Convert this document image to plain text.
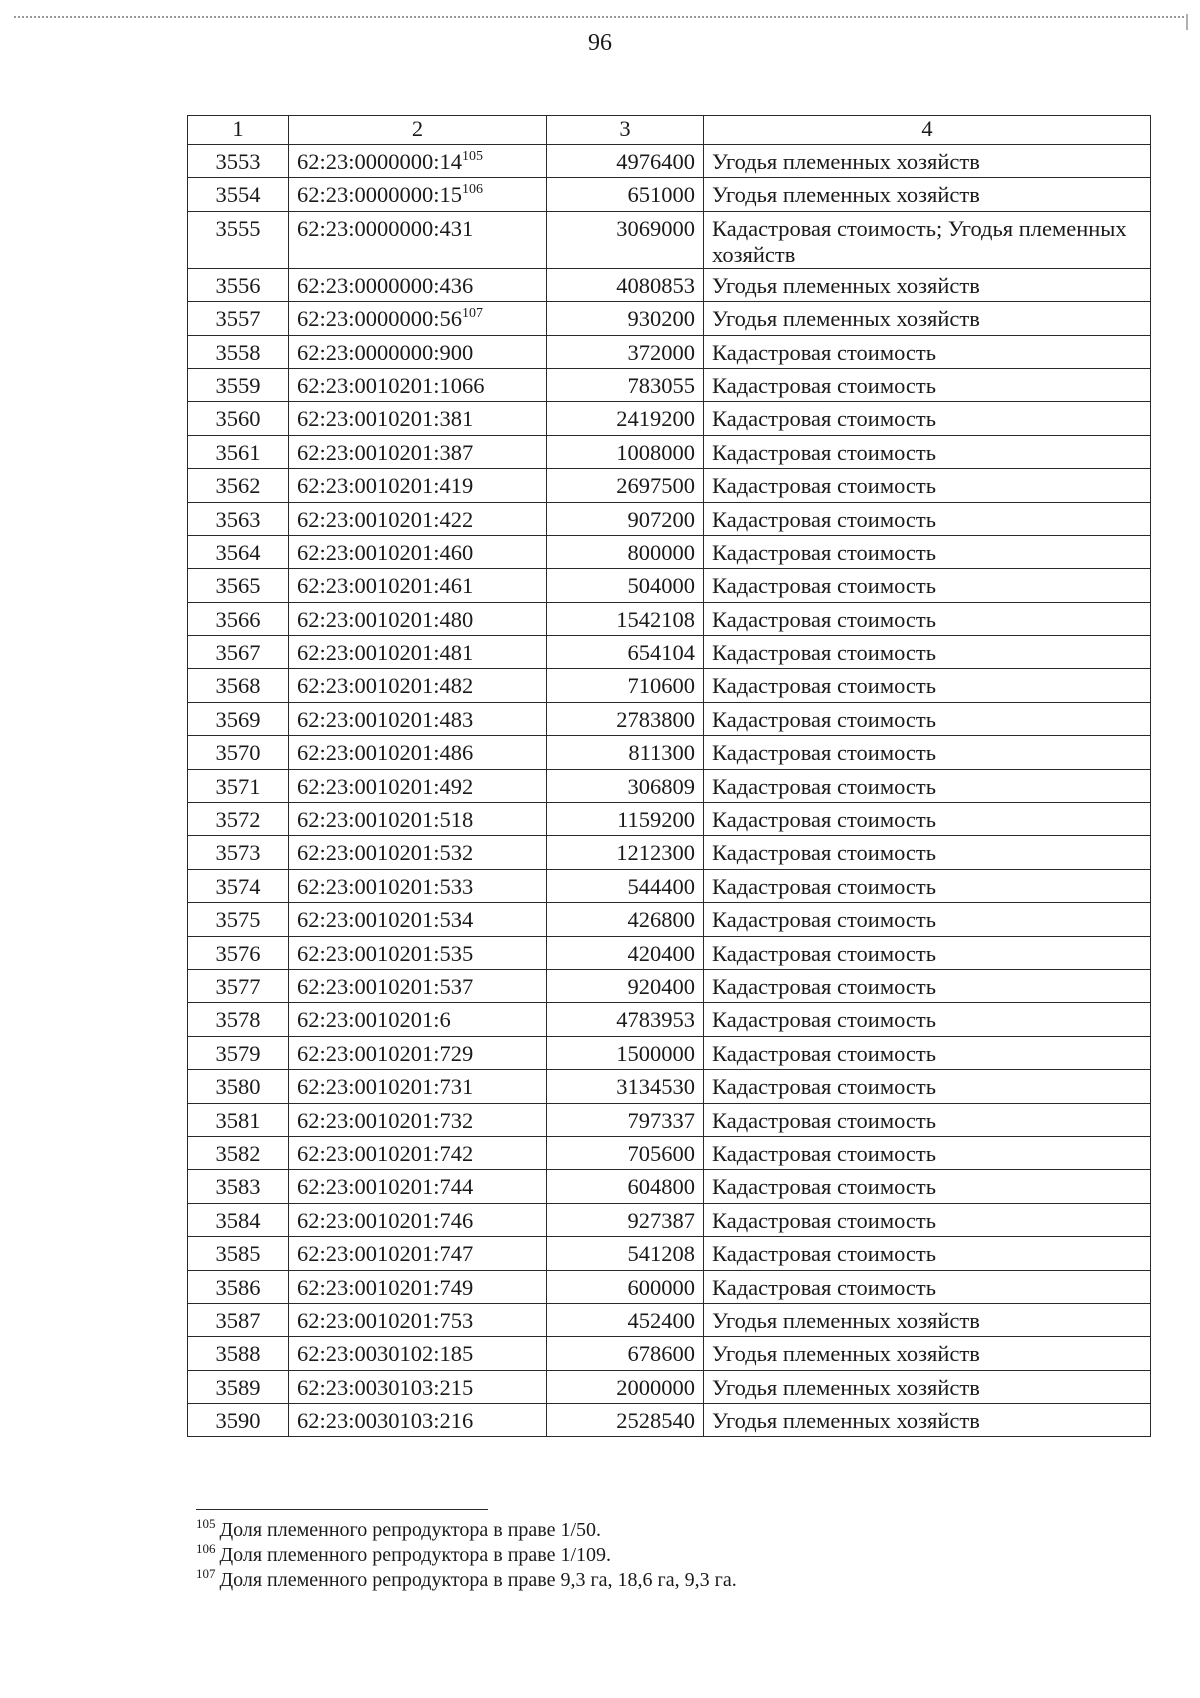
96
1	2	3	4
3553	$62:23:0000000:14^{105}$	4976400	Угодья племенных хозяйств
3554	$62:23:0000000:15^{106}$	651000	Угодья племенных хозяйств
3555	62:23:0000000:431	3069000	Кадастровая стоимость; Угодья племенных хозяйств
3556	62:23:0000000:436	4080853	Угодья племенных хозяйств
3557	$62:23:0000000:56^{107}$	930200	Угодья племенных хозяйств
3558	62:23:0000000:900	372000	Кадастровая стоимость
3559	62:23:0010201:1066	783055	Кадастровая стоимость
3560	62:23:0010201:381	2419200	Кадастровая стоимость
3561	62:23:0010201:387	1008000	Кадастровая стоимость
3562	62:23:0010201:419	2697500	Кадастровая стоимость
3563	62:23:0010201:422	907200	Кадастровая стоимость
3564	62:23:0010201:460	800000	Кадастровая стоимость
3565	62:23:0010201:461	504000	Кадастровая стоимость
3566	62:23:0010201:480	1542108	Кадастровая стоимость
3567	62:23:0010201:481	654104	Кадастровая стоимость
3568	62:23:0010201:482	710600	Кадастровая стоимость
3569	62:23:0010201:483	2783800	Кадастровая стоимость
3570	62:23:0010201:486	811300	Кадастровая стоимость
3571	62:23:0010201:492	306809	Кадастровая стоимость
3572	62:23:0010201:518	1159200	Кадастровая стоимость
3573	62:23:0010201:532	1212300	Кадастровая стоимость
3574	62:23:0010201:533	544400	Кадастровая стоимость
3575	62:23:0010201:534	426800	Кадастровая стоимость
3576	62:23:0010201:535	420400	Кадастровая стоимость
3577	62:23:0010201:537	920400	Кадастровая стоимость
3578	62:23:0010201:6	4783953	Кадастровая стоимость
3579	62:23:0010201:729	1500000	Кадастровая стоимость
3580	62:23:0010201:731	3134530	Кадастровая стоимость
3581	62:23:0010201:732	797337	Кадастровая стоимость
3582	62:23:0010201:742	705600	Кадастровая стоимость
3583	62:23:0010201:744	604800	Кадастровая стоимость
3584	62:23:0010201:746	927387	Кадастровая стоимость
3585	62:23:0010201:747	541208	Кадастровая стоимость
3586	62:23:0010201:749	600000	Кадастровая стоимость
3587	62:23:0010201:753	452400	Угодья племенных хозяйств
3588	62:23:0030102:185	678600	Угодья племенных хозяйств
3589	62:23:0030103:215	2000000	Угодья племенных хозяйств
3590	62:23:0030103:216	2528540	Угодья племенных хозяйств
$^{105}$ Доля племенного репродуктора в праве 1/50.
$^{106}$ Доля племенного репродуктора в праве 1/109.
$^{107}$ Доля племенного репродуктора в праве 9,3 га, 18,6 га, 9,3 га.
